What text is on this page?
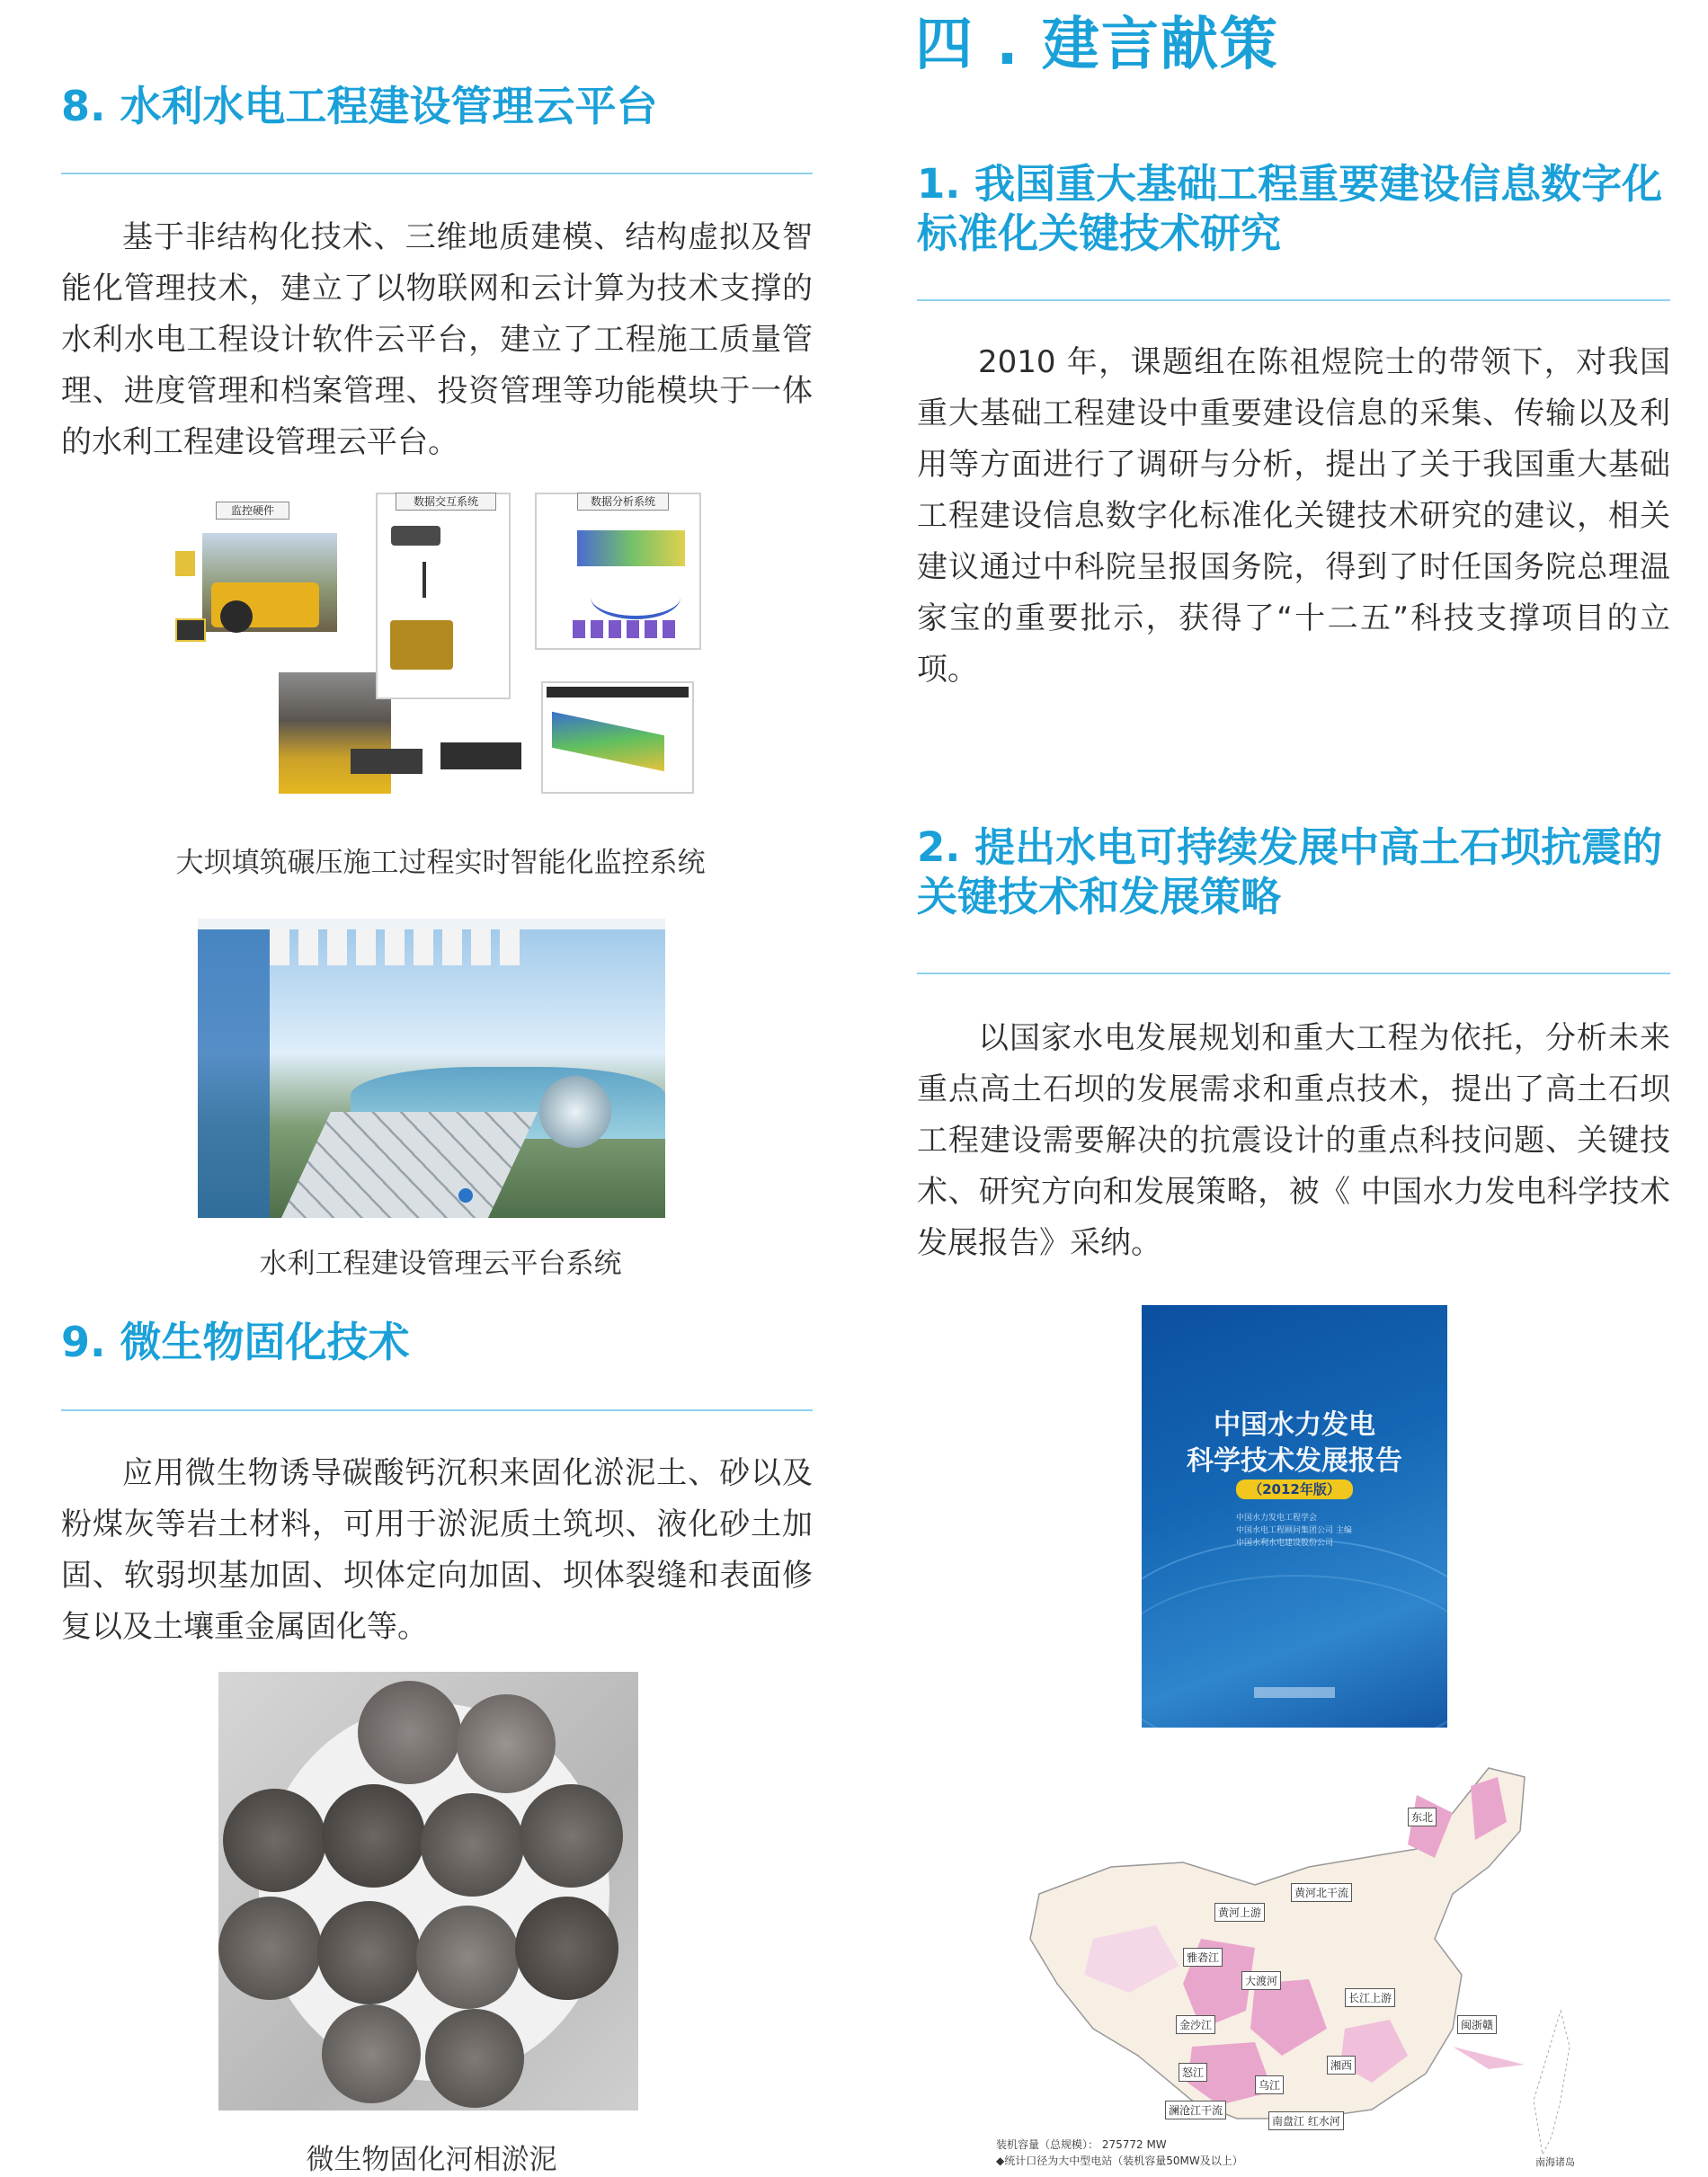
8. 水利水电工程建设管理云平台

基于非结构化技术、三维地质建模、结构虚拟及智能化管理技术，建立了以物联网和云计算为技术支撑的水利水电工程设计软件云平台，建立了工程施工质量管理、进度管理和档案管理、投资管理等功能模块于一体的水利工程建设管理云平台。

监控硬件
数据交互系统	数据分析系统
大坝填筑碾压施工过程实时智能化监控系统
水利工程建设管理云平台系统
9. 微生物固化技术

应用微生物诱导碳酸钙沉积来固化淤泥土、砂以及粉煤灰等岩土材料，可用于淤泥质土筑坝、液化砂土加固、软弱坝基加固、坝体定向加固、坝体裂缝和表面修复以及土壤重金属固化等。

微生物固化河相淤泥
四 . 建言献策
1. 我国重大基础工程重要建设信息数字化标准化关键技术研究

2010 年，课题组在陈祖煜院士的带领下，对我国重大基础工程建设中重要建设信息的采集、传输以及利用等方面进行了调研与分析，提出了关于我国重大基础工程建设信息数字化标准化关键技术研究的建议，相关建议通过中科院呈报国务院，得到了时任国务院总理温家宝的重要批示，获得了“十二五”科技支撑项目的立项。

2. 提出水电可持续发展中高土石坝抗震的关键技术和发展策略

以国家水电发展规划和重大工程为依托，分析未来重点高土石坝的发展需求和重点技术，提出了高土石坝工程建设需要解决的抗震设计的重点科技问题、关键技术、研究方向和发展策略，被《 中国水力发电科学技术发展报告》采纳。

中国水力发电
科学技术发展报告
（2012年版）
中国水力发电工程学会
中国水电工程顾问集团公司 主编
中国水利水电建设股份公司
东北
黄河北干流
黄河上游
雅砻江
大渡河
长江上游
金沙江
怒江
乌江
湘西
闽浙赣
澜沧江干流
南盘江 红水河
装机容量（总规模）： 275772 MW
◆统计口径为大中型电站（装机容量50MW及以上）	南海诸岛
